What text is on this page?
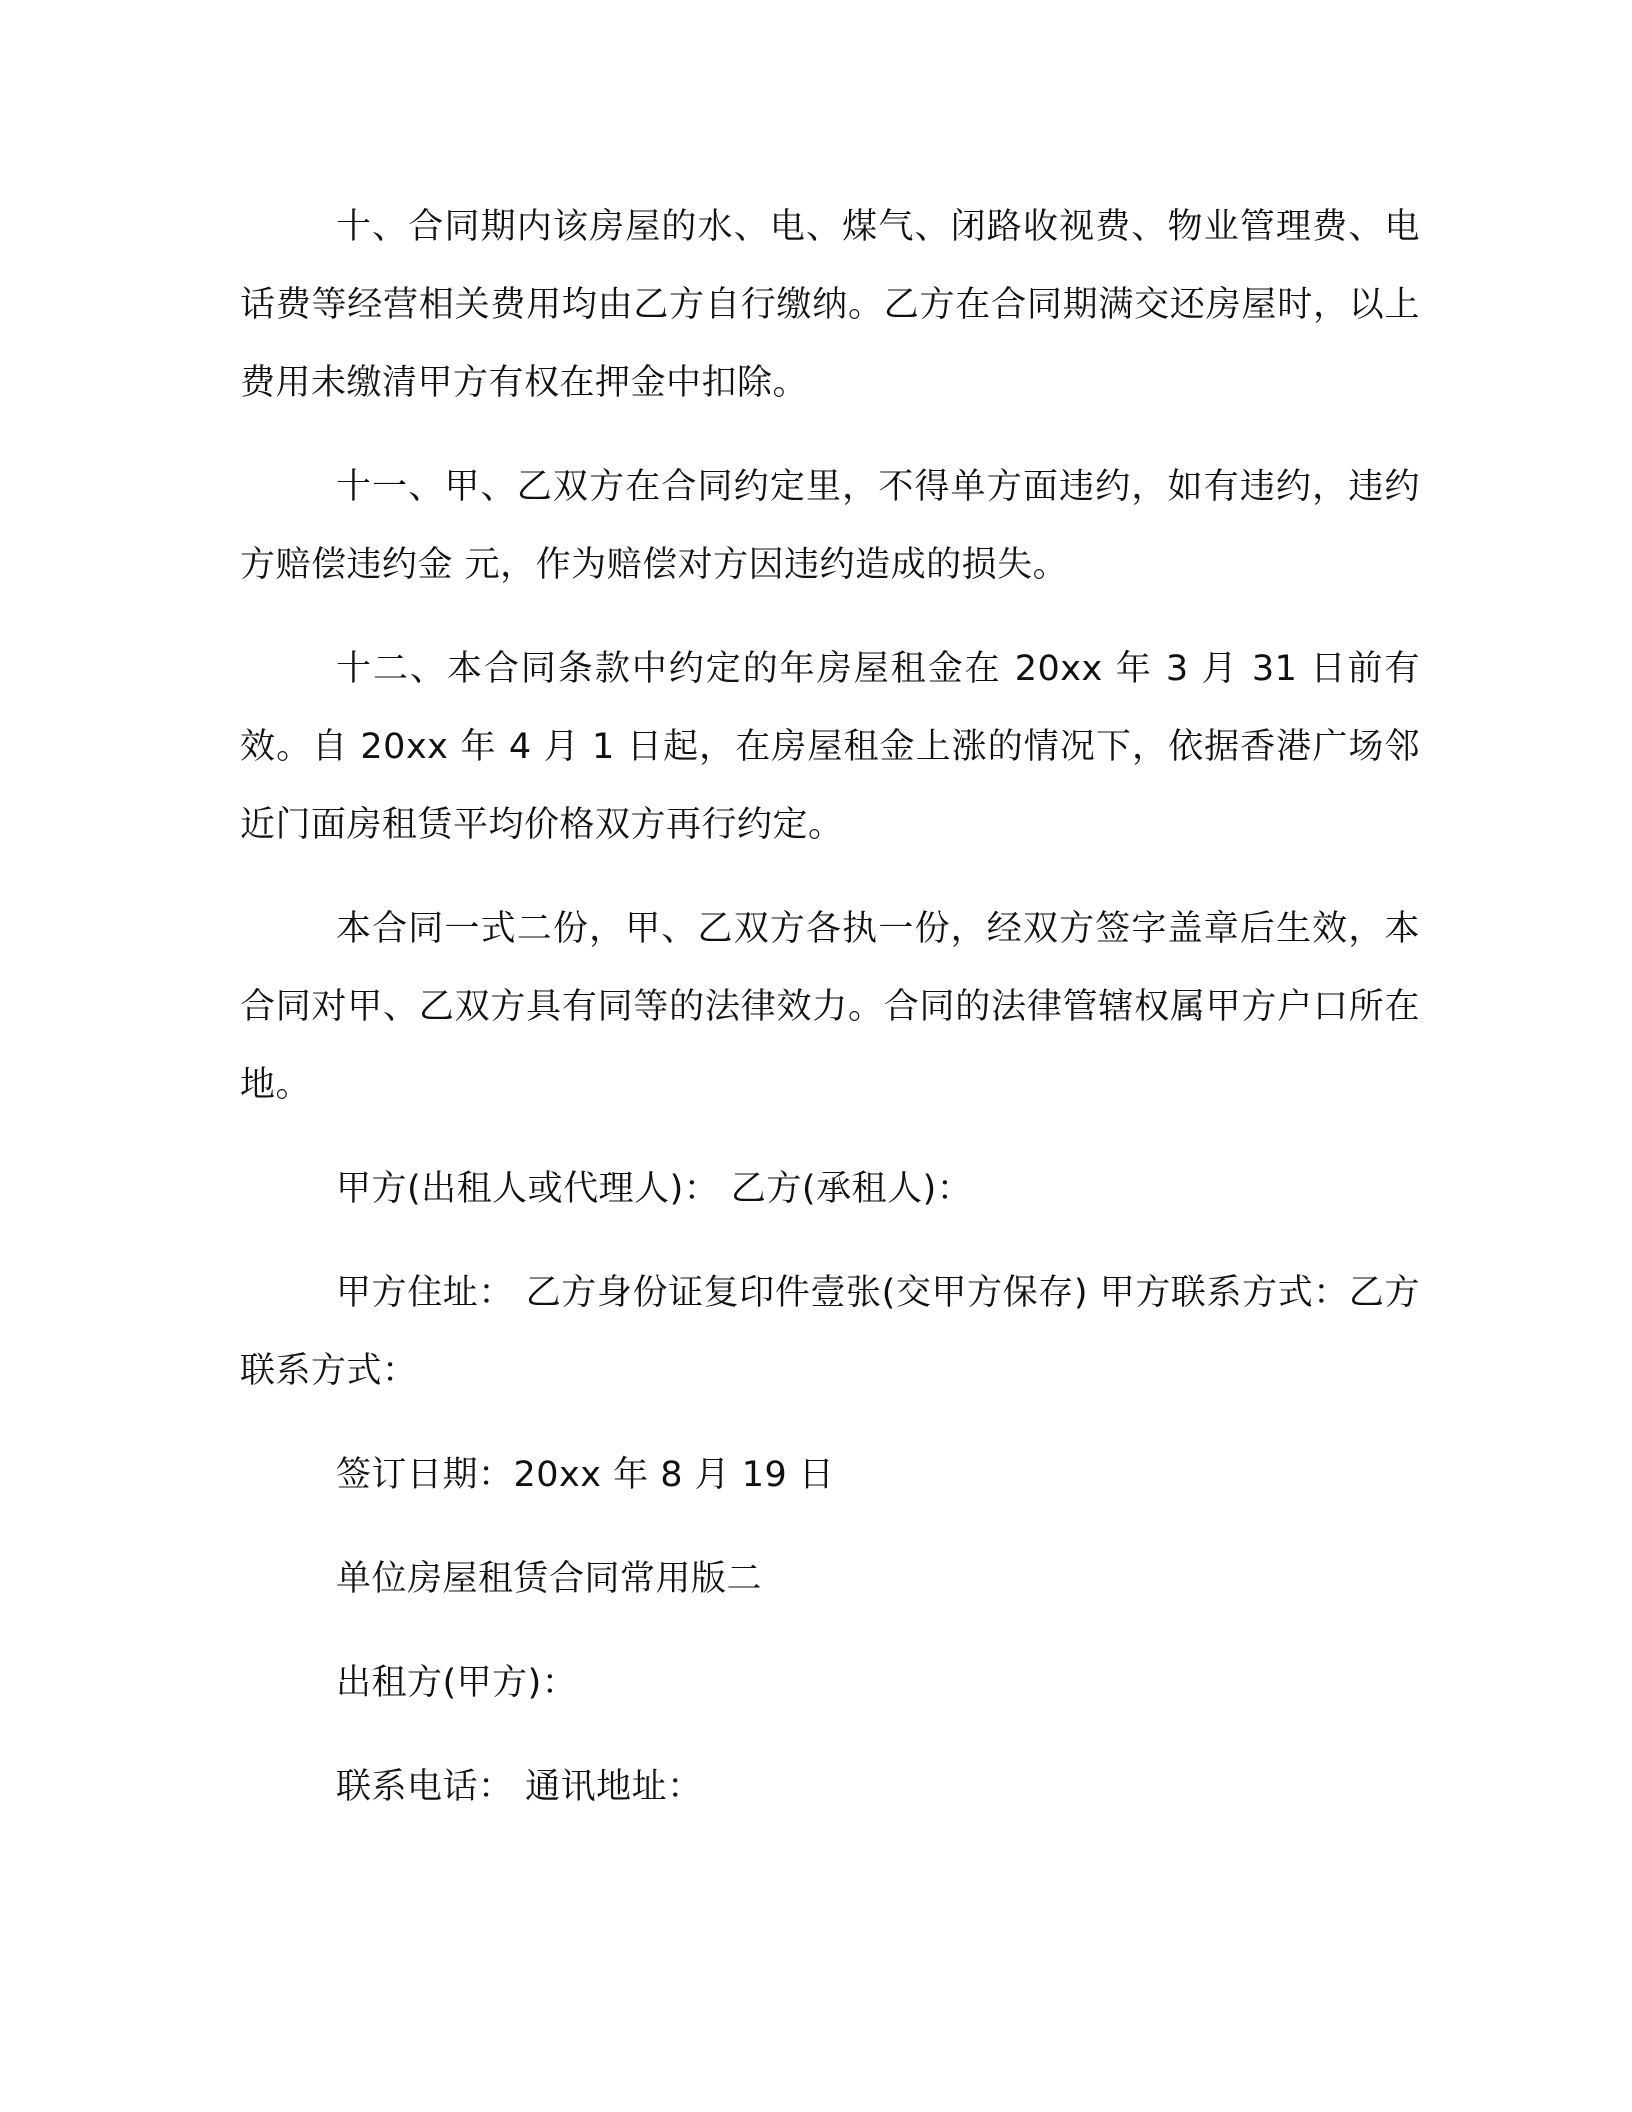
十、合同期内该房屋的水、电、煤气、闭路收视费、物业管理费、电话费等经营相关费用均由乙方自行缴纳。乙方在合同期满交还房屋时，以上费用未缴清甲方有权在押金中扣除。

十一、甲、乙双方在合同约定里，不得单方面违约，如有违约，违约方赔偿违约金 元，作为赔偿对方因违约造成的损失。

十二、本合同条款中约定的年房屋租金在 20xx 年 3 月 31 日前有效。自 20xx 年 4 月 1 日起，在房屋租金上涨的情况下，依据香港广场邻近门面房租赁平均价格双方再行约定。

本合同一式二份，甲、乙双方各执一份，经双方签字盖章后生效，本合同对甲、乙双方具有同等的法律效力。合同的法律管辖权属甲方户口所在地。

甲方(出租人或代理人)： 乙方(承租人)：

甲方住址： 乙方身份证复印件壹张(交甲方保存) 甲方联系方式：乙方联系方式：

签订日期：20xx 年 8 月 19 日

单位房屋租赁合同常用版二

出租方(甲方)：

联系电话： 通讯地址：
